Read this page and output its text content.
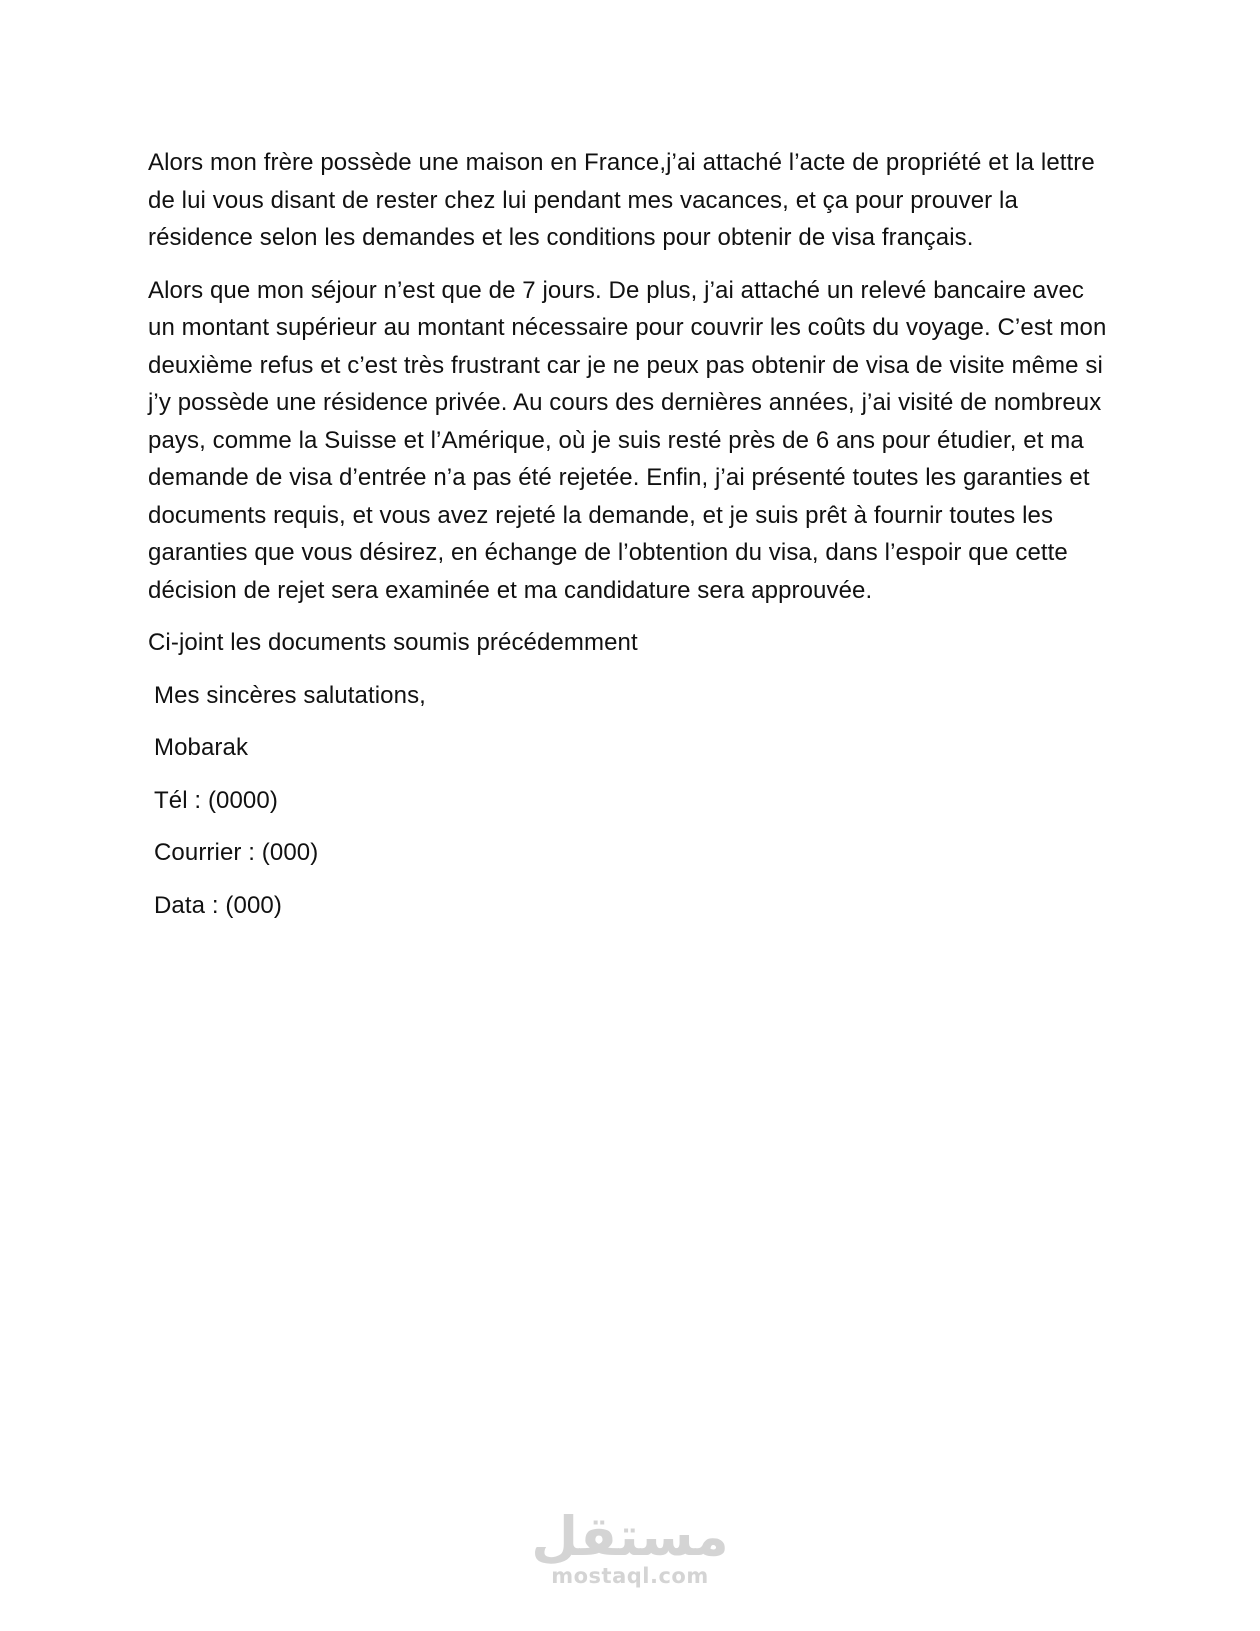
Alors mon frère possède une maison en France,j’ai attaché l’acte de propriété et la lettre de lui vous disant de rester chez lui pendant mes vacances, et ça pour prouver la résidence selon les demandes et les conditions pour obtenir de visa français.

Alors que mon séjour n’est que de 7 jours. De plus, j’ai attaché un relevé bancaire avec un montant supérieur au montant nécessaire pour couvrir les coûts du voyage. C’est mon deuxième refus et c’est très frustrant car je ne peux pas obtenir de visa de visite même si j’y possède une résidence privée. Au cours des dernières années, j’ai visité de nombreux pays, comme la Suisse et l’Amérique, où je suis resté près de 6 ans pour étudier, et ma demande de visa d’entrée n’a pas été rejetée. Enfin, j’ai présenté toutes les garanties et documents requis, et vous avez rejeté la demande, et je suis prêt à fournir toutes les garanties que vous désirez, en échange de l’obtention du visa, dans l’espoir que cette décision de rejet sera examinée et ma candidature sera approuvée.

Ci-joint les documents soumis précédemment

Mes sincères salutations,

Mobarak

Tél : (0000)

Courrier : (000)

Data : (000)

مستقل
mostaql.com
